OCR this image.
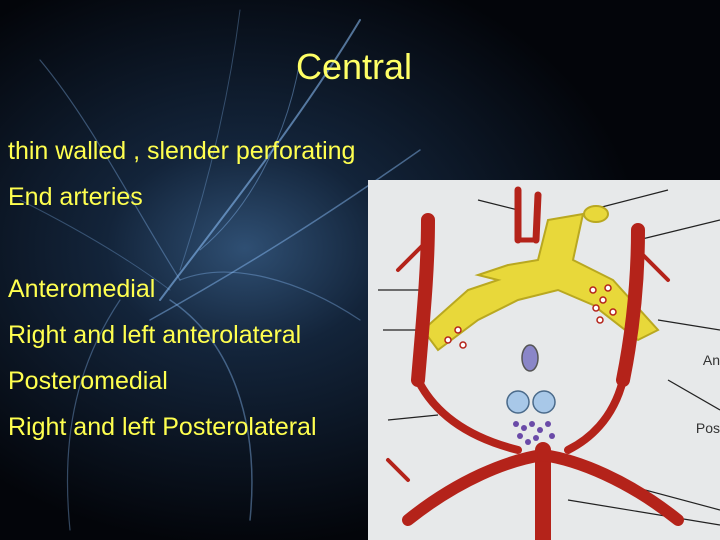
Central
thin walled , slender perforating
End arteries
Anteromedial
Right and left anterolateral
Posteromedial
Right and left Posterolateral
An
Pos
